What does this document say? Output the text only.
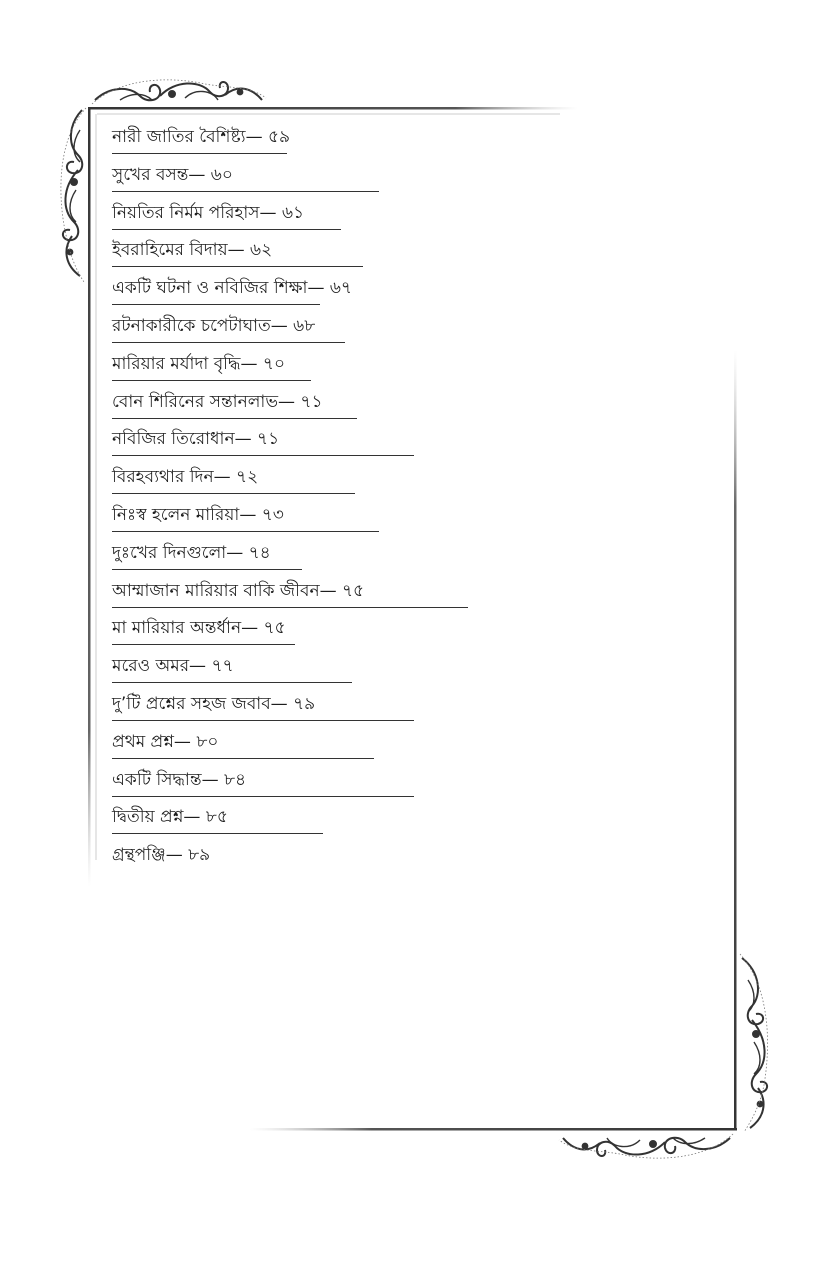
নারী জাতির বৈশিষ্ট্য— ৫৯
সুখের বসন্ত— ৬০
নিয়তির নির্মম পরিহাস— ৬১
ইবরাহিমের বিদায়— ৬২
একটি ঘটনা ও নবিজির শিক্ষা— ৬৭
রটনাকারীকে চপেটাঘাত— ৬৮
মারিয়ার মর্যাদা বৃদ্ধি— ৭০
বোন শিরিনের সন্তানলাভ— ৭১
নবিজির তিরোধান— ৭১
বিরহব্যথার দিন— ৭২
নিঃস্ব হলেন মারিয়া— ৭৩
দুঃখের দিনগুলো— ৭৪
আম্মাজান মারিয়ার বাকি জীবন— ৭৫
মা মারিয়ার অন্তর্ধান— ৭৫
মরেও অমর— ৭৭
দু’টি প্রশ্নের সহজ জবাব— ৭৯
প্রথম প্রশ্ন— ৮০
একটি সিদ্ধান্ত— ৮৪
দ্বিতীয় প্রশ্ন— ৮৫
গ্রন্থপঞ্জি— ৮৯
